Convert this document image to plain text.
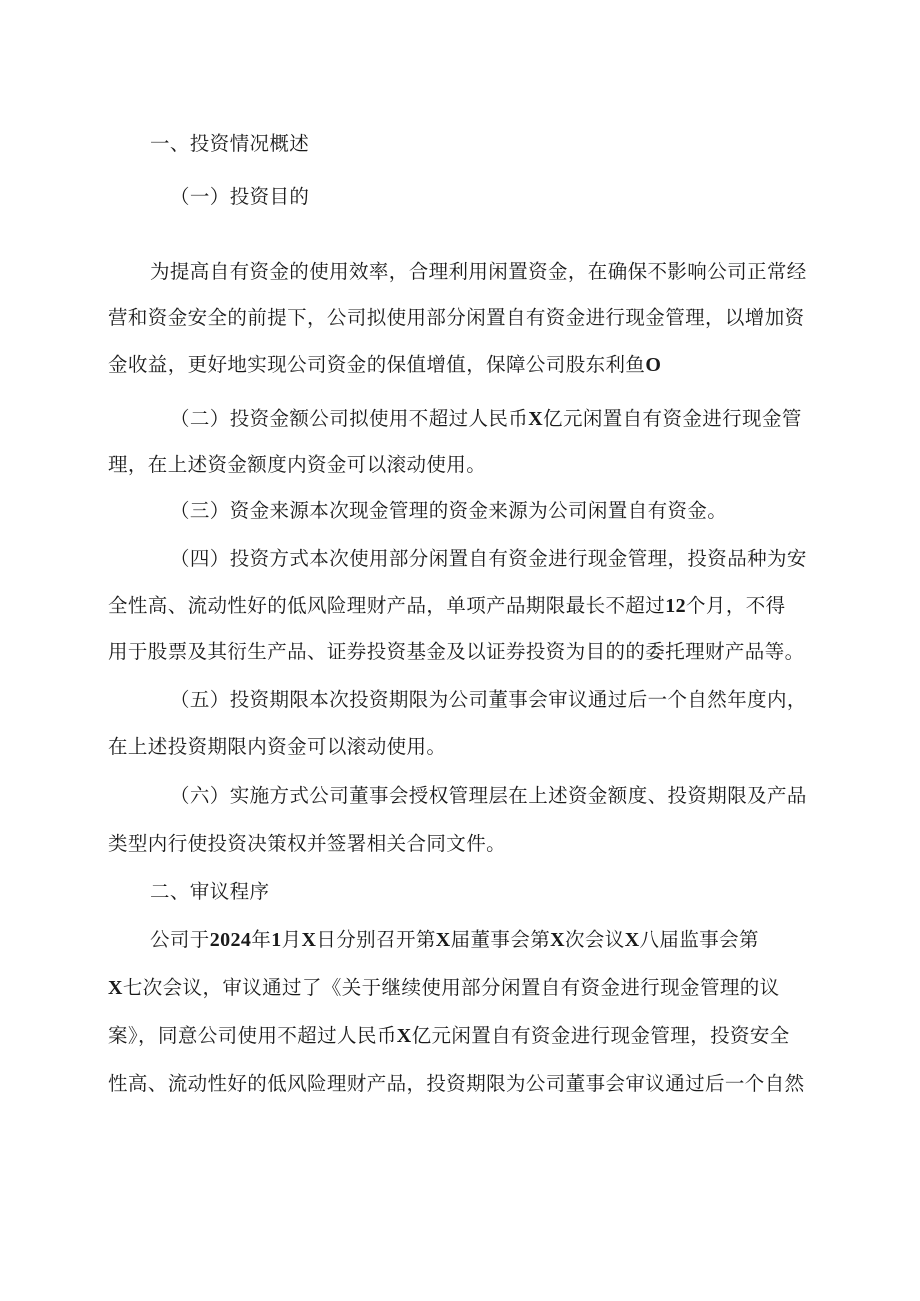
一、投资情况概述
（一）投资目的
为提高自有资金的使用效率，合理利用闲置资金，在确保不影响公司正常经
营和资金安全的前提下，公司拟使用部分闲置自有资金进行现金管理，以增加资
金收益，更好地实现公司资金的保值增值，保障公司股东利鱼O
（二）投资金额公司拟使用不超过人民币X亿元闲置自有资金进行现金管
理，在上述资金额度内资金可以滚动使用。
（三）资金来源本次现金管理的资金来源为公司闲置自有资金。
（四）投资方式本次使用部分闲置自有资金进行现金管理，投资品种为安
全性高、流动性好的低风险理财产品，单项产品期限最长不超过12个月，不得
用于股票及其衍生产品、证券投资基金及以证券投资为目的的委托理财产品等。
（五）投资期限本次投资期限为公司董事会审议通过后一个自然年度内，
在上述投资期限内资金可以滚动使用。
（六）实施方式公司董事会授权管理层在上述资金额度、投资期限及产品
类型内行使投资决策权并签署相关合同文件。
二、审议程序
公司于2024年1月X日分别召开第X届董事会第X次会议X八届监事会第
X七次会议，审议通过了《关于继续使用部分闲置自有资金进行现金管理的议
案》，同意公司使用不超过人民币X亿元闲置自有资金进行现金管理，投资安全
性高、流动性好的低风险理财产品，投资期限为公司董事会审议通过后一个自然
